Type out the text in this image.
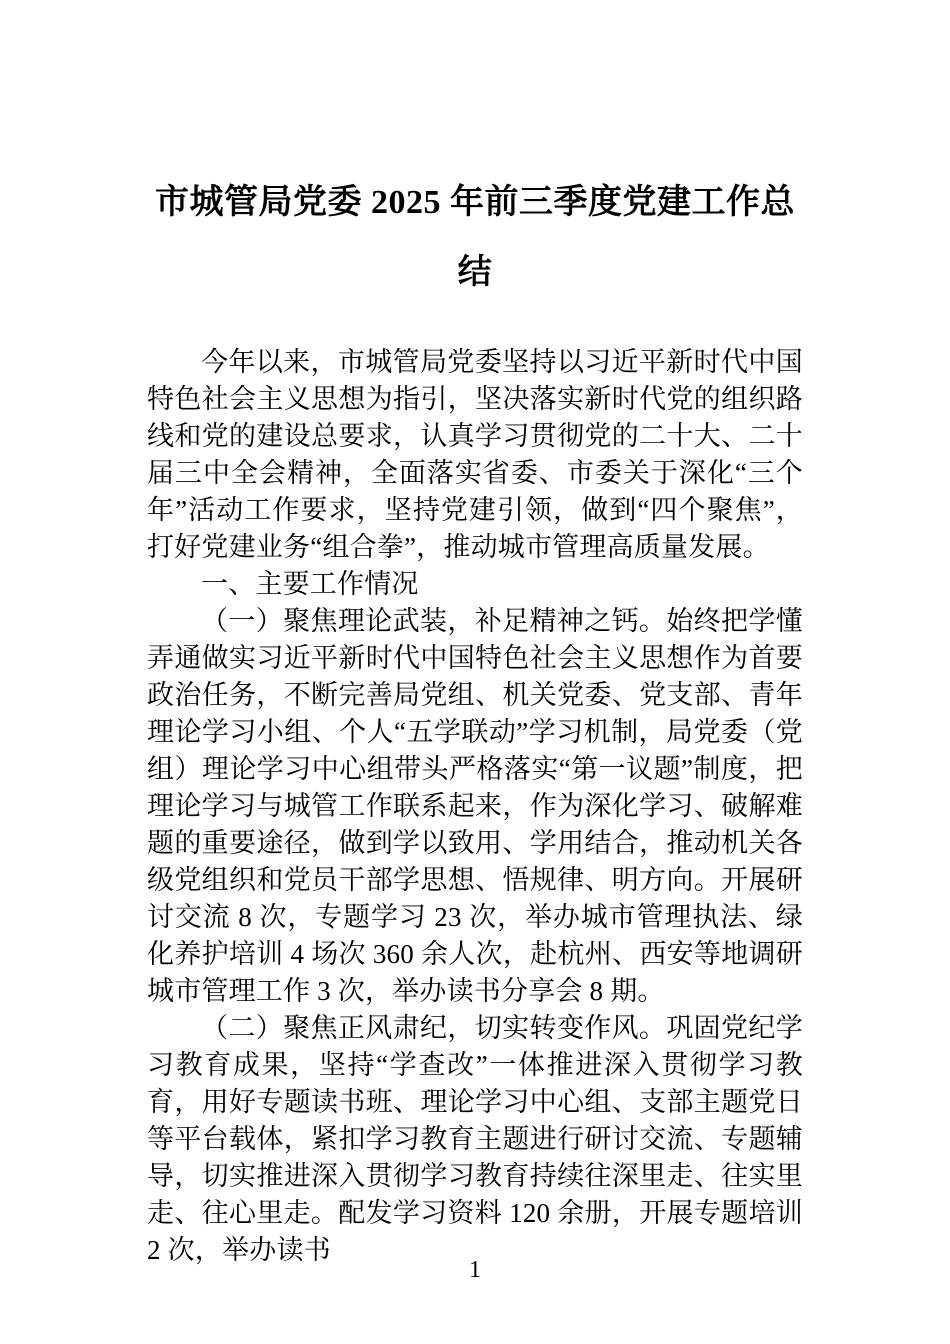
市城管局党委 2025 年前三季度党建工作总结

今年以来，市城管局党委坚持以习近平新时代中国特色社会主义思想为指引，坚决落实新时代党的组织路线和党的建设总要求，认真学习贯彻党的二十大、二十届三中全会精神，全面落实省委、市委关于深化“三个年”活动工作要求，坚持党建引领，做到“四个聚焦”，打好党建业务“组合拳”，推动城市管理高质量发展。

一、主要工作情况

（一）聚焦理论武装，补足精神之钙。始终把学懂弄通做实习近平新时代中国特色社会主义思想作为首要政治任务，不断完善局党组、机关党委、党支部、青年理论学习小组、个人“五学联动”学习机制，局党委（党组）理论学习中心组带头严格落实“第一议题”制度，把理论学习与城管工作联系起来，作为深化学习、破解难题的重要途径，做到学以致用、学用结合，推动机关各级党组织和党员干部学思想、悟规律、明方向。开展研讨交流 8 次，专题学习 23 次，举办城市管理执法、绿化养护培训 4 场次 360 余人次，赴杭州、西安等地调研城市管理工作 3 次，举办读书分享会 8 期。

（二）聚焦正风肃纪，切实转变作风。巩固党纪学习教育成果，坚持“学查改”一体推进深入贯彻学习教育，用好专题读书班、理论学习中心组、支部主题党日等平台载体，紧扣学习教育主题进行研讨交流、专题辅导，切实推进深入贯彻学习教育持续往深里走、往实里走、往心里走。配发学习资料 120 余册，开展专题培训 2 次，举办读书

1
